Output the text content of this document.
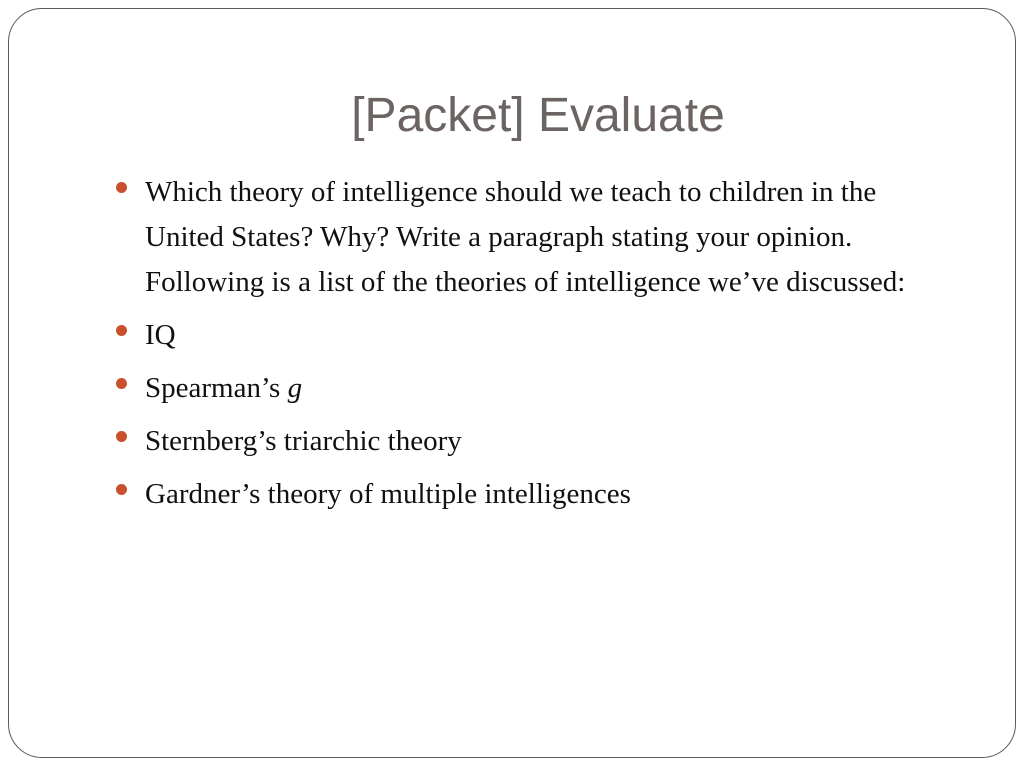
[Packet] Evaluate
Which theory of intelligence should we teach to children in the United States? Why? Write a paragraph stating your opinion. Following is a list of the theories of intelligence we’ve discussed:
IQ
Spearman’s g
Sternberg’s triarchic theory
Gardner’s theory of multiple intelligences
